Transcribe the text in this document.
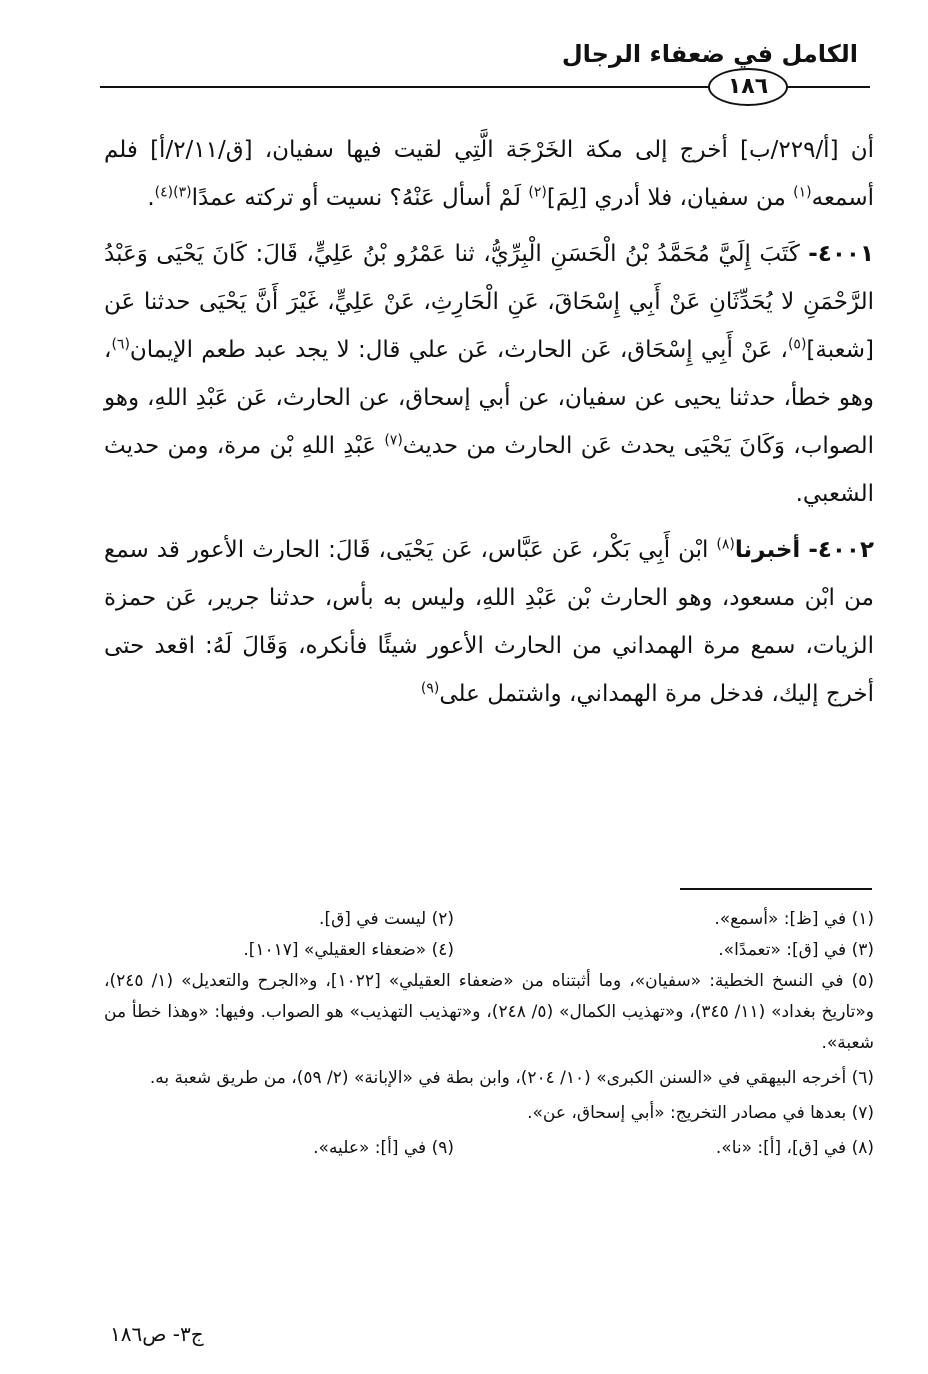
الكامل في ضعفاء الرجال
١٨٦

أن [أ/٢٢٩/ب] أخرج إلى مكة الخَرْجَة الَّتِي لقيت فيها سفيان، [ق/٢/١١/أ] فلم أسمعه$^{(١)}$ من سفيان، فلا أدري [لِمَ]$^{(٢)}$ لَمْ أسأل عَنْهُ؟ نسيت أو تركته عمدًا$^{(٣)(٤)}$.

٤٠٠١- كَتَبَ إِلَيَّ مُحَمَّدُ بْنُ الْحَسَنِ الْبِرِّيُّ، ثنا عَمْرُو بْنُ عَلِيٍّ، قَالَ: كَانَ يَحْيَى وَعَبْدُ الرَّحْمَنِ لا يُحَدِّثَانِ عَنْ أَبِي إِسْحَاقَ، عَنِ الْحَارِثِ، عَنْ عَلِيٍّ، غَيْرَ أَنَّ يَحْيَى حدثنا عَن [شعبة]$^{(٥)}$، عَنْ أَبِي إِسْحَاق، عَن الحارث، عَن علي قال: لا يجد عبد طعم الإيمان$^{(٦)}$، وهو خطأ، حدثنا يحيى عن سفيان، عن أبي إسحاق، عن الحارث، عَن عَبْدِ اللهِ، وهو الصواب، وَكَانَ يَحْيَى يحدث عَن الحارث من حديث$^{(٧)}$ عَبْدِ اللهِ بْن مرة، ومن حديث الشعبي.

٤٠٠٢- أخبرنا$^{(٨)}$ ابْن أَبِي بَكْر، عَن عَبَّاس، عَن يَحْيَى، قَالَ: الحارث الأعور قد سمع من ابْن مسعود، وهو الحارث بْن عَبْدِ اللهِ، وليس به بأس، حدثنا جرير، عَن حمزة الزيات، سمع مرة الهمداني من الحارث الأعور شيئًا فأنكره، وَقَالَ لَهُ: اقعد حتى أخرج إليك، فدخل مرة الهمداني، واشتمل على$^{(٩)}$

(١) في [ظ]: «أسمع».
(٢) ليست في [ق].
(٣) في [ق]: «تعمدًا».
(٤) «ضعفاء العقيلي» [١٠١٧].
(٥) في النسخ الخطية: «سفيان»، وما أثبتناه من «ضعفاء العقيلي» [١٠٢٢]، و«الجرح والتعديل» (١/ ٢٤٥)، و«تاريخ بغداد» (١١/ ٣٤٥)، و«تهذيب الكمال» (٥/ ٢٤٨)، و«تهذيب التهذيب» هو الصواب. وفيها: «وهذا خطأ من شعبة».
(٦) أخرجه البيهقي في «السنن الكبرى» (١٠/ ٢٠٤)، وابن بطة في «الإبانة» (٢/ ٥٩)، من طريق شعبة به.
(٧) بعدها في مصادر التخريج: «أبي إسحاق، عن».
(٨) في [ق]، [أ]: «نا».
(٩) في [أ]: «عليه».
ج٣- ص١٨٦
